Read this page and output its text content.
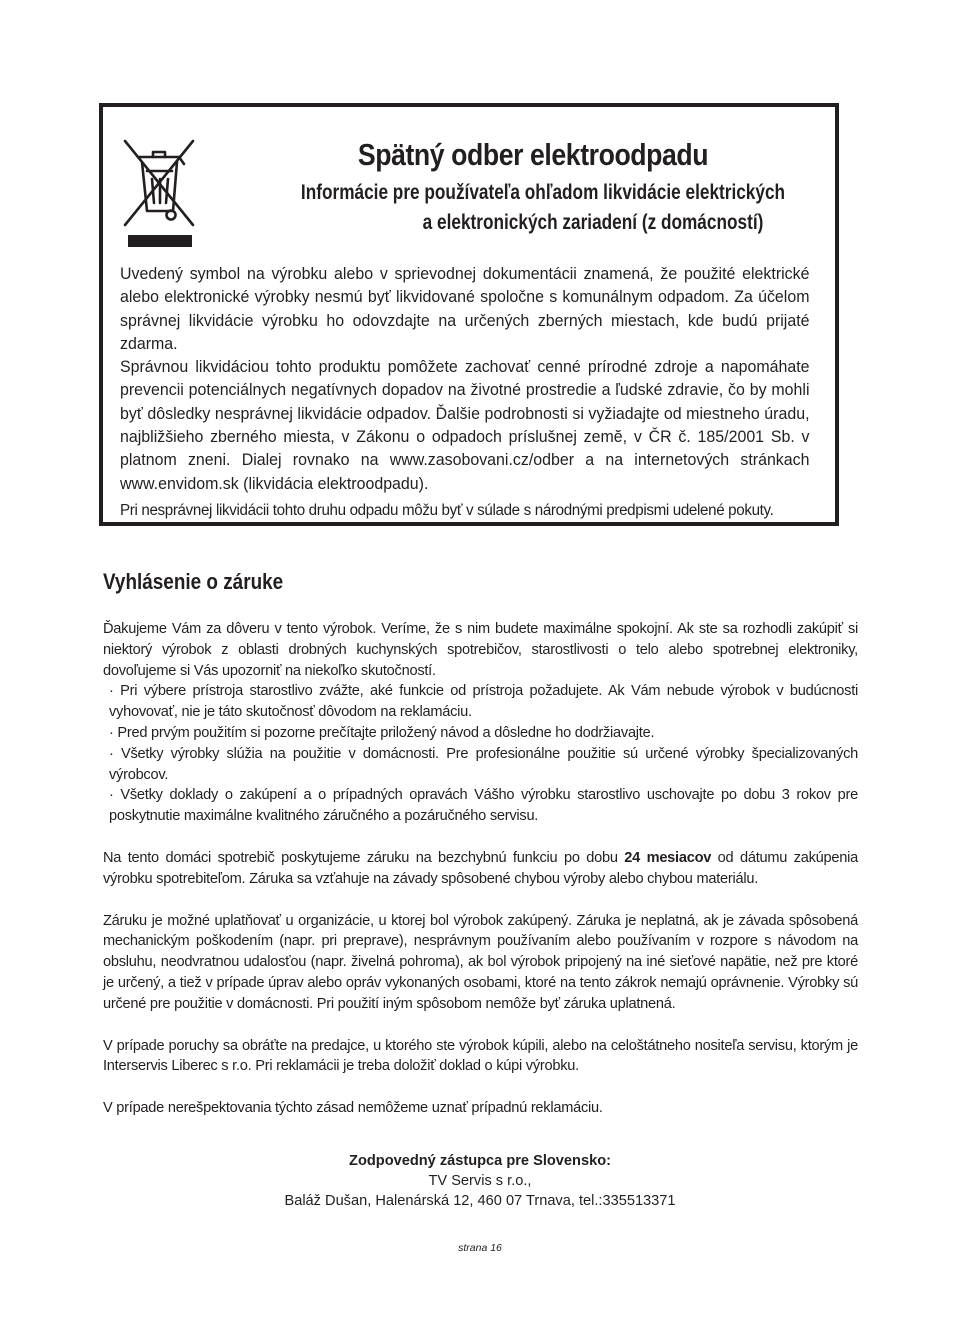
Spätný odber elektroodpadu
Informácie pre používateľa ohľadom likvidácie elektrických
a elektronických zariadení (z domácností)

Uvedený symbol na výrobku alebo v sprievodnej dokumentácii znamená, že použité elektrické alebo elektronické výrobky nesmú byť likvidované spoločne s komunálnym odpadom. Za účelom správnej likvidácie výrobku ho odovzdajte na určených zberných miestach, kde budú prijaté zdarma.

Správnou likvidáciou tohto produktu pomôžete zachovať cenné prírodné zdroje a napomáhate prevencii potenciálnych negatívnych dopadov na životné prostredie a ľudské zdravie, čo by mohli byť dôsledky nesprávnej likvidácie odpadov. Ďalšie podrobnosti si vyžiadajte od miestneho úradu, najbližšieho zberného miesta, v Zákonu o odpadoch príslušnej zemĕ, v ČR č. 185/2001 Sb. v platnom zneni. Dialej rovnako na www.zasobovani.cz/odber a na internetových stránkach www.envidom.sk (likvidácia elektroodpadu).

Pri nesprávnej likvidácii tohto druhu odpadu môžu byť v súlade s národnými predpismi udelené pokuty.

Vyhlásenie o záruke

Ďakujeme Vám za dôveru v tento výrobok. Veríme, že s nim budete maximálne spokojní. Ak ste sa rozhodli zakúpiť si niektorý výrobok z oblasti drobných kuchynských spotrebičov, starostlivosti o telo alebo spotrebnej elektroniky, dovoľujeme si Vás upozorniť na niekoľko skutočností.

· Pri výbere prístroja starostlivo zvážte, aké funkcie od prístroja požadujete. Ak Vám nebude výrobok v budúcnosti vyhovovať, nie je táto skutočnosť dôvodom na reklamáciu.

· Pred prvým použitím si pozorne prečítajte priložený návod a dôsledne ho dodržiavajte.

· Všetky výrobky slúžia na použitie v domácnosti. Pre profesionálne použitie sú určené výrobky špecializovaných výrobcov.

· Všetky doklady o zakúpení a o prípadných opravách Vášho výrobku starostlivo uschovajte po dobu 3 rokov pre poskytnutie maximálne kvalitného záručného a pozáručného servisu.

Na tento domáci spotrebič poskytujeme záruku na bezchybnú funkciu po dobu 24 mesiacov od dátumu zakúpenia výrobku spotrebiteľom. Záruka sa vzťahuje na závady spôsobené chybou výroby alebo chybou materiálu.

Záruku je možné uplatňovať u organizácie, u ktorej bol výrobok zakúpený. Záruka je neplatná, ak je závada spôsobená mechanickým poškodením (napr. pri preprave), nesprávnym používaním alebo používaním v rozpore s návodom na obsluhu, neodvratnou udalosťou (napr. živelná pohroma), ak bol výrobok pripojený na iné sieťové napätie, než pre ktoré je určený, a tiež v prípade úprav alebo opráv vykonaných osobami, ktoré na tento zákrok nemajú oprávnenie. Výrobky sú určené pre použitie v domácnosti. Pri použití iným spôsobom nemôže byť záruka uplatnená.

V prípade poruchy sa obráťte na predajce, u ktorého ste výrobok kúpili, alebo na celoštátneho nositeľa servisu, ktorým je Interservis Liberec s r.o. Pri reklamácii je treba doložiť doklad o kúpi výrobku.

V prípade nerešpektovania týchto zásad nemôžeme uznať prípadnú reklamáciu.

Zodpovedný zástupca pre Slovensko:
TV Servis s r.o.,
Baláž Dušan, Halenárská 12, 460 07 Trnava, tel.:335513371
strana 16
